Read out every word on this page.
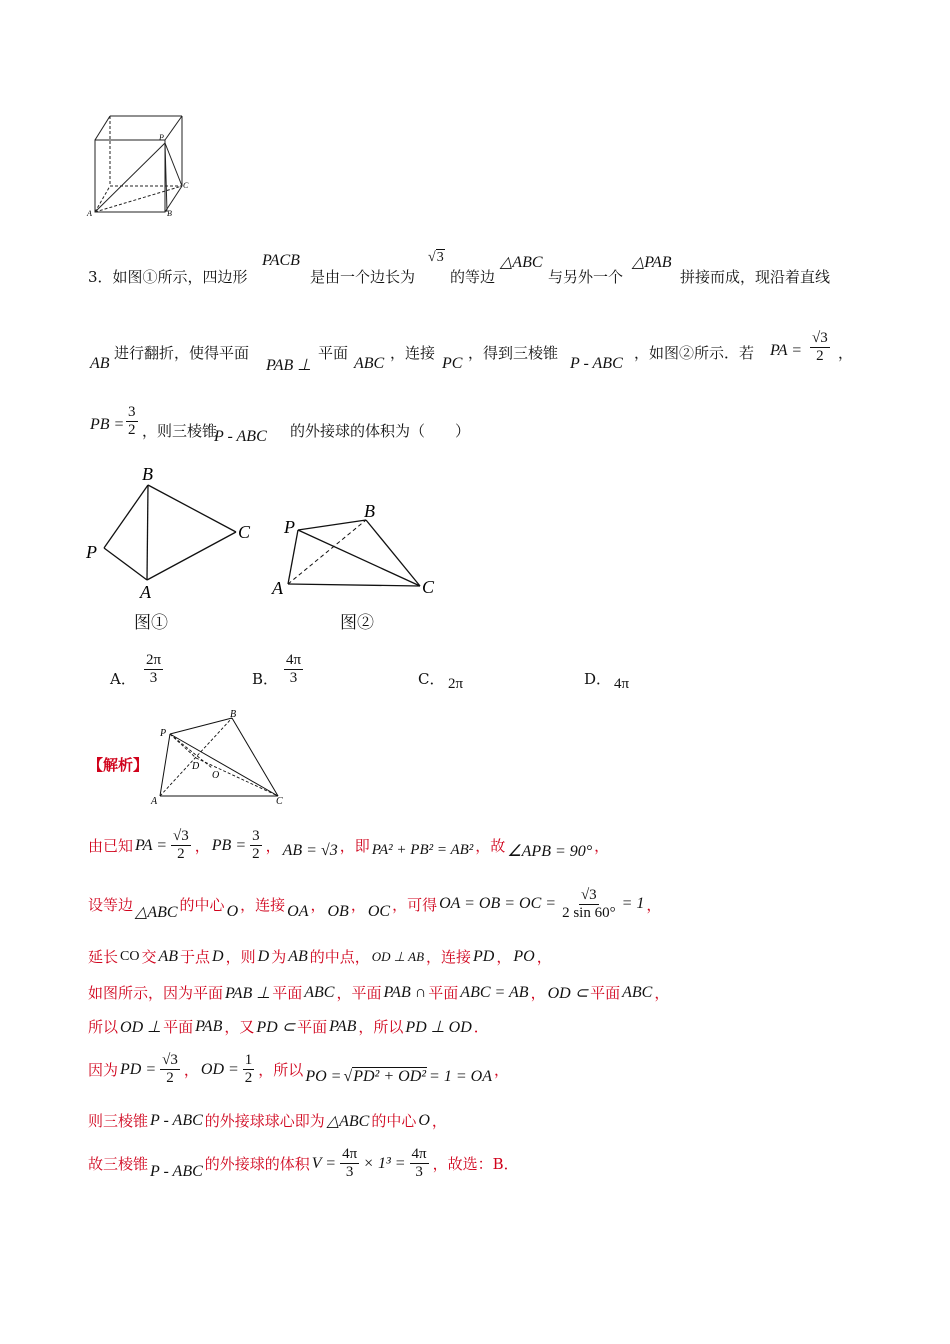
P
C
A	B
3．如图①所示，四边形
PACB
是由一个边长为
√3
的等边
△ABC
与另外一个
△PAB
拼接而成，现沿着直线
AB
进行翻折，使得平面
PAB ⊥
平面
ABC
，连接
PC
，得到三棱锥
P - ABC
，如图②所示．若 PA = $\frac{√3}{2}$ ，
PB = $\frac{3}{2}$ ，则三棱锥
P - ABC 的外接球的体积为（　　）
B
P
C
A
图①
P
B
A	C
图②
A． $\frac{2\pi}{3}$	B． $\frac{4\pi}{3}$	C． 2π	D． 4π
【解析】
P
B
D
O
A	C
由已知 PA = $\frac{√3}{2}$ ， PB = $\frac{3}{2}$ ， AB = √3 ，即 PA² + PB² = AB² ，故 ∠APB = 90° ，
设等边 △ABC 的中心 O ，连接 OA ， OB ， OC ，可得 OA = OB = OC = $\frac{√3}{2 \sin 60^\circ} = 1$ ，
延长 CO 交 AB 于点 D ，则 D 为 AB 的中点， OD ⊥ AB ，连接 PD ， PO ，
如图所示，因为平面 PAB ⊥ 平面 ABC ，平面 PAB ∩ 平面 ABC = AB ， OD ⊂ 平面 ABC ，
所以 OD ⊥ 平面 PAB ，又 PD ⊂ 平面 PAB ，所以 PD ⊥ OD ．
因为 PD = $\frac{√3}{2}$ ， OD = $\frac{1}{2}$ ，所以 PO = √PD² + OD² = 1 = OA ，
则三棱锥 P - ABC 的外接球球心即为 △ABC 的中心 O ，
故三棱锥 P - ABC 的外接球的体积 $V = \frac{4\pi}{3} \times 1^3 = \frac{4\pi}{3}$ ，故选：B．
